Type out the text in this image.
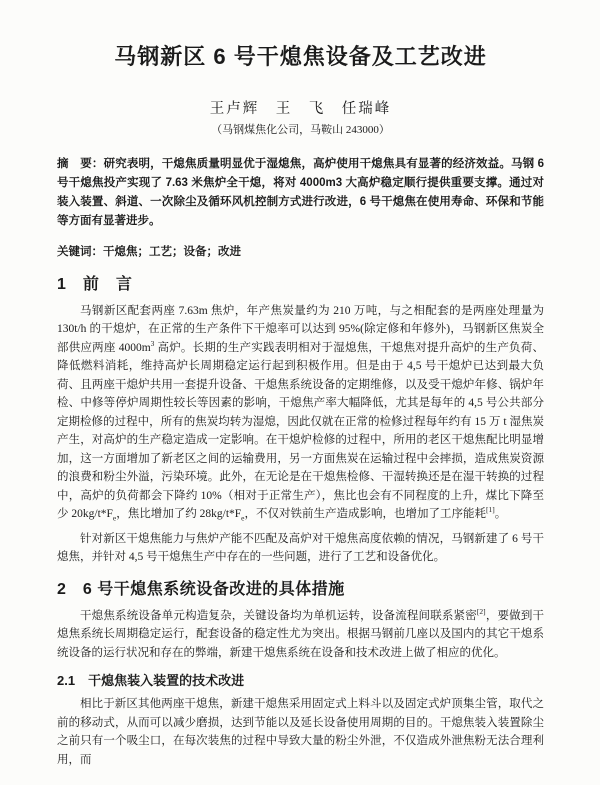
马钢新区 6 号干熄焦设备及工艺改进
王卢辉　王　飞　任瑞峰
（马钢煤焦化公司，马鞍山 243000）

摘　要：研究表明，干熄焦质量明显优于湿熄焦，高炉使用干熄焦具有显著的经济效益。马钢 6 号干熄焦投产实现了 7.63 米焦炉全干熄，将对 4000m3 大高炉稳定顺行提供重要支撑。通过对装入装置、斜道、一次除尘及循环风机控制方式进行改进，6 号干熄焦在使用寿命、环保和节能等方面有显著进步。

关键词：干熄焦；工艺；设备；改进

1　前　言

马钢新区配套两座 7.63m 焦炉，年产焦炭量约为 210 万吨，与之相配套的是两座处理量为 130t/h 的干熄炉，在正常的生产条件下干熄率可以达到 95%(除定修和年修外)，马钢新区焦炭全部供应两座 $4000m^3$ 高炉。长期的生产实践表明相对于湿熄焦，干熄焦对提升高炉的生产负荷、降低燃料消耗，维持高炉长周期稳定运行起到积极作用。但是由于 4,5 号干熄炉已达到最大负荷、且两座干熄炉共用一套提升设备、干熄焦系统设备的定期维修，以及受干熄炉年修、锅炉年检、中修等停炉周期性较长等因素的影响，干熄焦产率大幅降低，尤其是每年的 4,5 号公共部分定期检修的过程中，所有的焦炭均转为湿熄，因此仅就在正常的检修过程每年约有 15 万 t 湿焦炭产生，对高炉的生产稳定造成一定影响。在干熄炉检修的过程中，所用的老区干熄焦配比明显增加，这一方面增加了新老区之间的运输费用，另一方面焦炭在运输过程中会摔损，造成焦炭资源的浪费和粉尘外溢，污染环境。此外，在无论是在干熄焦检修、干湿转换还是在湿干转换的过程中，高炉的负荷都会下降约 10%（相对于正常生产），焦比也会有不同程度的上升，煤比下降至少 $20kg/t*F_e$，焦比增加了约 $28kg/t*F_e$，不仅对铁前生产造成影响，也增加了工序能耗[1]。

针对新区干熄焦能力与焦炉产能不匹配及高炉对干熄焦高度依赖的情况，马钢新建了 6 号干熄焦，并针对 4,5 号干熄焦生产中存在的一些问题，进行了工艺和设备优化。

2　6 号干熄焦系统设备改进的具体措施

干熄焦系统设备单元构造复杂，关键设备均为单机运转，设备流程间联系紧密[2]，要做到干熄焦系统长周期稳定运行，配套设备的稳定性尤为突出。根据马钢前几座以及国内的其它干熄系统设备的运行状况和存在的弊端，新建干熄焦系统在设备和技术改进上做了相应的优化。

2.1　干熄焦装入装置的技术改进

相比于新区其他两座干熄焦，新建干熄焦采用固定式上料斗以及固定式炉顶集尘管，取代之前的移动式，从而可以减少磨损，达到节能以及延长设备使用周期的目的。干熄焦装入装置除尘之前只有一个吸尘口，在每次装焦的过程中导致大量的粉尘外泄，不仅造成外泄焦粉无法合理利用，而
